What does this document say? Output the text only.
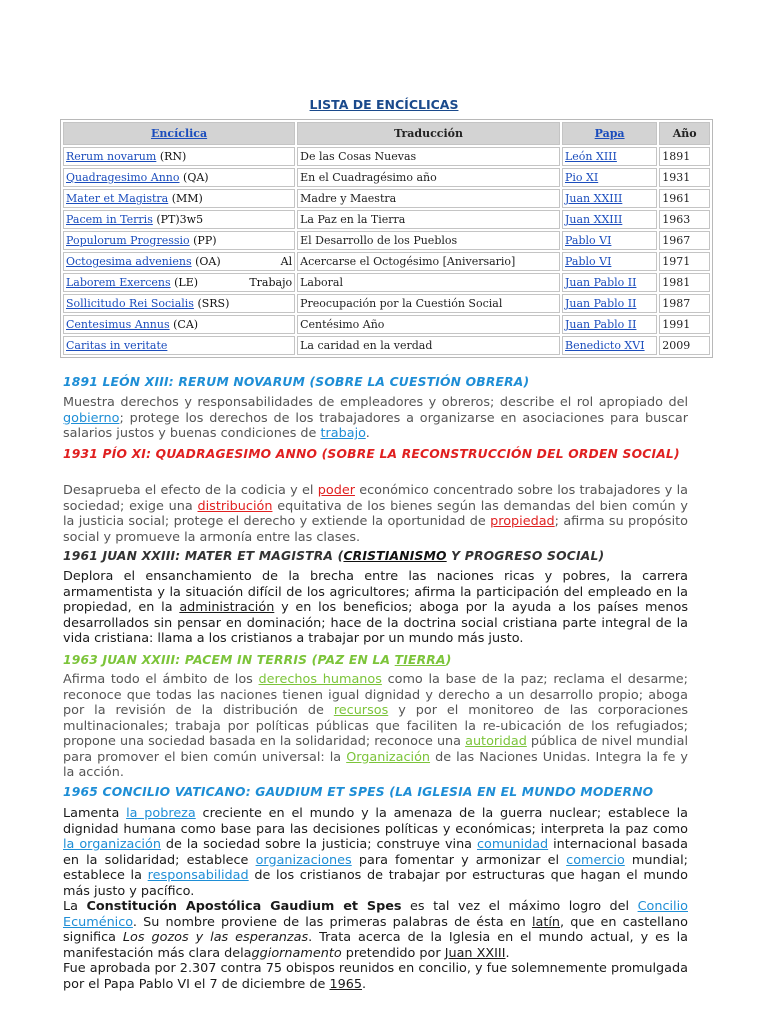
LISTA DE ENCÍCLICAS
Encíclica	Traducción	Papa	Año

Rerum novarum (RN)	De las Cosas Nuevas	León XIII	1891

Quadragesimo Anno (QA)	En el Cuadragésimo año	Pio XI	1931

Mater et Magistra (MM)	Madre y Maestra	Juan XXIII	1961

Pacem in Terris (PT)3w5	La Paz en la Tierra	Juan XXIII	1963

Populorum Progressio (PP)	El Desarrollo de los Pueblos	Pablo VI	1967

Octogesima adveniens (OA) Al	Acercarse el Octogésimo [Aniversario]	Pablo VI	1971

Laborem Exercens (LE) Trabajo	Laboral	Juan Pablo II	1981

Sollicitudo Rei Socialis (SRS)	Preocupación por la Cuestión Social	Juan Pablo II	1987

Centesimus Annus (CA)	Centésimo Año	Juan Pablo II	1991

Caritas in veritate	La caridad en la verdad	Benedicto XVI	2009
1891 LEÓN XIII: RERUM NOVARUM (SOBRE LA CUESTIÓN OBRERA)
Muestra derechos y responsabilidades de empleadores y obreros; describe el rol apropiado del gobierno; protege los derechos de los trabajadores a organizarse en asociaciones para buscar salarios justos y buenas condiciones de trabajo.
1931 PÍO XI: QUADRAGESIMO ANNO (SOBRE LA RECONSTRUCCIÓN DEL ORDEN SOCIAL)
Desaprueba el efecto de la codicia y el poder económico concentrado sobre los trabajadores y la sociedad; exige una distribución equitativa de los bienes según las demandas del bien común y la justicia social; protege el derecho y extiende la oportunidad de propiedad; afirma su propósito social y promueve la armonía entre las clases.
1961 JUAN XXIII: MATER ET MAGISTRA (CRISTIANISMO Y PROGRESO SOCIAL)
Deplora el ensanchamiento de la brecha entre las naciones ricas y pobres, la carrera armamentista y la situación difícil de los agricultores; afirma la participación del empleado en la propiedad, en la administración y en los beneficios; aboga por la ayuda a los países menos desarrollados sin pensar en dominación; hace de la doctrina social cristiana parte integral de la vida cristiana: llama a los cristianos a trabajar por un mundo más justo.
1963 JUAN XXIII: PACEM IN TERRIS (PAZ EN LA TIERRA)
Afirma todo el ámbito de los derechos humanos como la base de la paz; reclama el desarme; reconoce que todas las naciones tienen igual dignidad y derecho a un desarrollo propio; aboga por la revisión de la distribución de recursos y por el monitoreo de las corporaciones multinacionales; trabaja por políticas públicas que faciliten la re-ubicación de los refugiados; propone una sociedad basada en la solidaridad; reconoce una autoridad pública de nivel mundial para promover el bien común universal: la Organización de las Naciones Unidas. Integra la fe y la acción.
1965 CONCILIO VATICANO: GAUDIUM ET SPES (LA IGLESIA EN EL MUNDO MODERNO
Lamenta la pobreza creciente en el mundo y la amenaza de la guerra nuclear; establece la dignidad humana como base para las decisiones políticas y económicas; interpreta la paz como la organización de la sociedad sobre la justicia; construye vina comunidad internacional basada en la solidaridad; establece organizaciones para fomentar y armonizar el comercio mundial; establece la responsabilidad de los cristianos de trabajar por estructuras que hagan el mundo más justo y pacífico.
La Constitución Apostólica Gaudium et Spes es tal vez el máximo logro del Concilio Ecuménico. Su nombre proviene de las primeras palabras de ésta en latín, que en castellano significa Los gozos y las esperanzas. Trata acerca de la Iglesia en el mundo actual, y es la manifestación más clara delaggiornamento pretendido por Juan XXIII.
Fue aprobada por 2.307 contra 75 obispos reunidos en concilio, y fue solemnemente promulgada por el Papa Pablo VI el 7 de diciembre de 1965.
